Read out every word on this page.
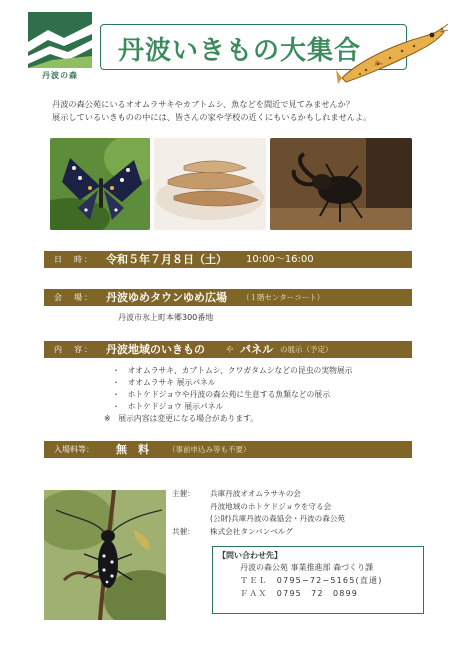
丹波の森
丹波いきもの大集合
丹波の森公苑にいるオオムラサキやカブトムシ、魚などを間近で見てみませんか？
展示しているいきものの中には、皆さんの家や学校の近くにもいるかもしれませんよ。
日　時： 令和５年７月８日（土） 10:00〜16:00
会　場： 丹波ゆめタウンゆめ広場 （１階センターコート）
丹波市氷上町本郷300番地
内　容： 丹波地域のいきもの	や パネル の展示（予定）
・　オオムラサキ、カブトムシ、クワガタムシなどの昆虫の実物展示
・　オオムラサキ 展示パネル
・　ホトケドジョウや丹波の森公苑に生息する魚類などの展示
・　ホトケドジョウ 展示パネル
※　展示内容は変更になる場合があります。
入場料等： 無　料	（事前申込み等も不要）
主催： 兵庫丹波オオムラサキの会
丹波地域のホトケドジョウを守る会
(公財)兵庫丹波の森協会・丹波の森公苑
共催： 株式会社タンバンベルグ
【問い合わせ先】
丹波の森公苑 事業推進部 森づくり課
ＴＥＬ　0795−72−5165(直通)
ＦＡＸ　0795　72　0899
